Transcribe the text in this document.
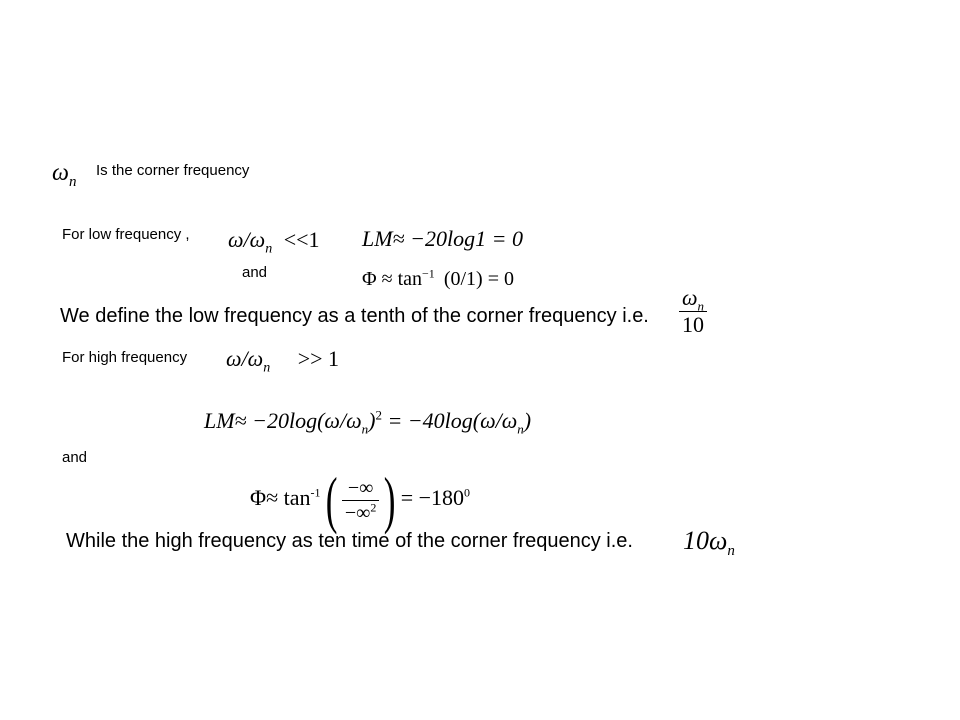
$\omega_n$
Is the corner frequency
For low frequency , $\omega/\omega_n <<1$ LM≈ −20log1 = 0
and	$\Phi \approx \tan^{-1} (0/1) = 0$
We define the low frequency as a tenth of the corner frequency i.e. $\frac{\omega_n}{10}$
For high frequency $\omega/\omega_n >> 1$
$LM\approx -20\log(\omega/\omega_n)^2 = -40\log(\omega/\omega_n)$
and
$\Phi\approx \tan^{-1}( \frac{-\infty}{-\infty^2}$ ) = $-180^0$
While the high frequency as ten time of the corner frequency i.e. $10\omega_n$
